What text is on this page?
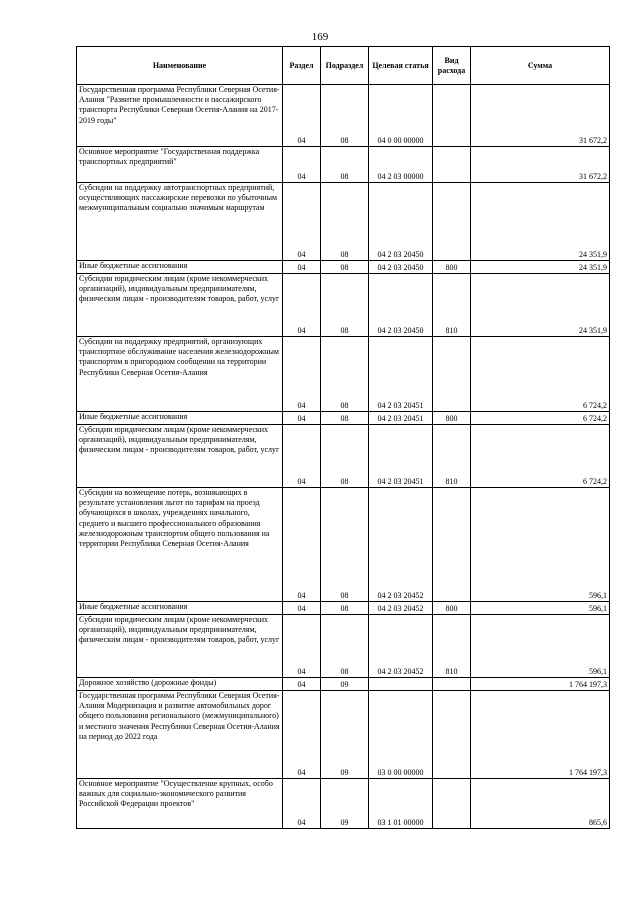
169
Наименование	Раздел	Подраздел	Целевая статья	Вид расхода	Сумма
Государственная программа Республики Северная Осетия-Алания "Развитие промышленности и пассажирского транспорта Республики Северная Осетия-Алания на 2017-2019 годы"	04	08	04 0 00 00000		31 672,2
Основное мероприятие "Государственная поддержка транспортных предприятий"	04	08	04 2 03 00000		31 672,2
Субсидии на поддержку автотранспортных предприятий, осуществляющих пассажирские перевозки по убыточным межмуниципальным социально значимым маршрутам	04	08	04 2 03 20450		24 351,9
Иные бюджетные ассигнования	04	08	04 2 03 20450	800	24 351,9
Субсидии юридическим лицам (кроме некоммерческих организаций), индивидуальным предпринимателям, физическим лицам - производителям товаров, работ, услуг	04	08	04 2 03 20450	810	24 351,9
Субсидии на поддержку предприятий, организующих транспортное обслуживание населения железнодорожным транспортом в пригородном сообщении на территории Республики Северная Осетия-Алания	04	08	04 2 03 20451		6 724,2
Иные бюджетные ассигнования	04	08	04 2 03 20451	800	6 724,2
Субсидии юридическим лицам (кроме некоммерческих организаций), индивидуальным предпринимателям, физическим лицам - производителям товаров, работ, услуг	04	08	04 2 03 20451	810	6 724,2
Субсидии на возмещение потерь, возникающих в результате установления льгот по тарифам на проезд обучающихся в школах, учреждениях начального, среднего и высшего профессионального образования железнодорожным транспортом общего пользования на территории Республики Северная Осетия-Алания	04	08	04 2 03 20452		596,1
Иные бюджетные ассигнования	04	08	04 2 03 20452	800	596,1
Субсидии юридическим лицам (кроме некоммерческих организаций), индивидуальным предпринимателям, физическим лицам - производителям товаров, работ, услуг	04	08	04 2 03 20452	810	596,1
Дорожное хозяйство (дорожные фонды)	04	09			1 764 197,3
Государственная программа Республики Северная Осетия-Алания Модернизация и развитие автомобильных дорог общего пользования регионального (межмуниципального) и местного значения Республики Северная Осетия-Алания на период до 2022 года	04	09	03 0 00 00000		1 764 197,3
Основное мероприятие "Осуществление крупных, особо важных для социально-экономического развития Российской Федерации проектов"	04	09	03 1 01 00000		865,6
